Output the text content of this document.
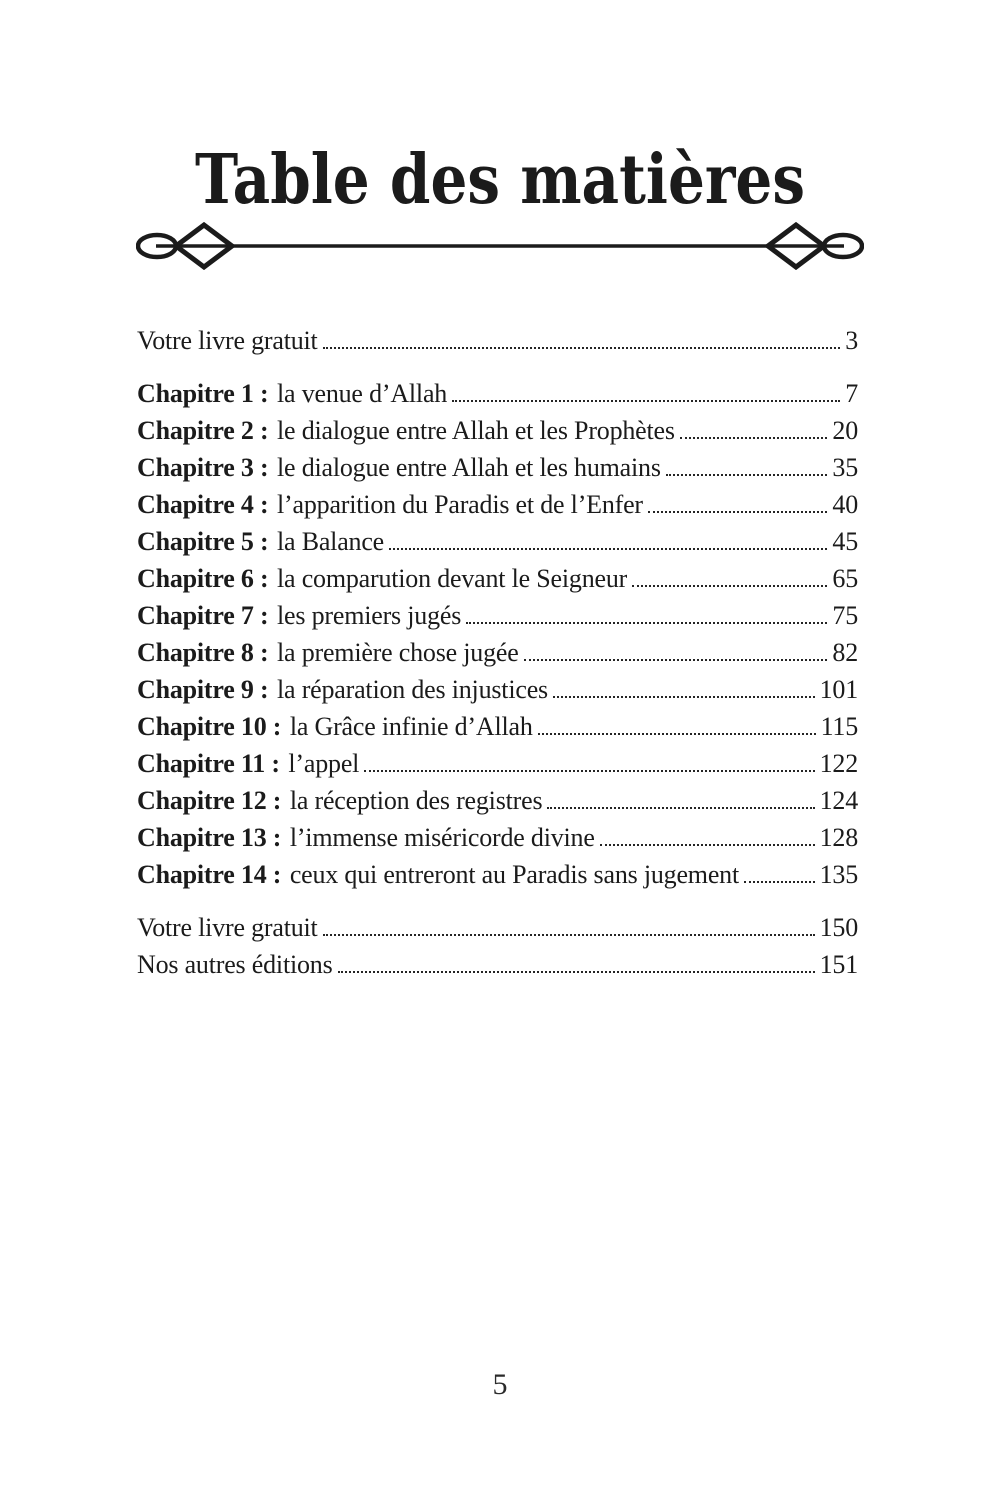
Table des matières
Votre livre gratuit	3
Chapitre 1 : la venue d’Allah	7
Chapitre 2 : le dialogue entre Allah et les Prophètes	20
Chapitre 3 : le dialogue entre Allah et les humains	35
Chapitre 4 : l’apparition du Paradis et de l’Enfer	40
Chapitre 5 : la Balance	45
Chapitre 6 : la comparution devant le Seigneur	65
Chapitre 7 : les premiers jugés	75
Chapitre 8 : la première chose jugée	82
Chapitre 9 : la réparation des injustices	101
Chapitre 10 : la Grâce infinie d’Allah	115
Chapitre 11 : l’appel	122
Chapitre 12 : la réception des registres	124
Chapitre 13 : l’immense miséricorde divine	128
Chapitre 14 : ceux qui entreront au Paradis sans jugement	135
Votre livre gratuit	150
Nos autres éditions	151
5
